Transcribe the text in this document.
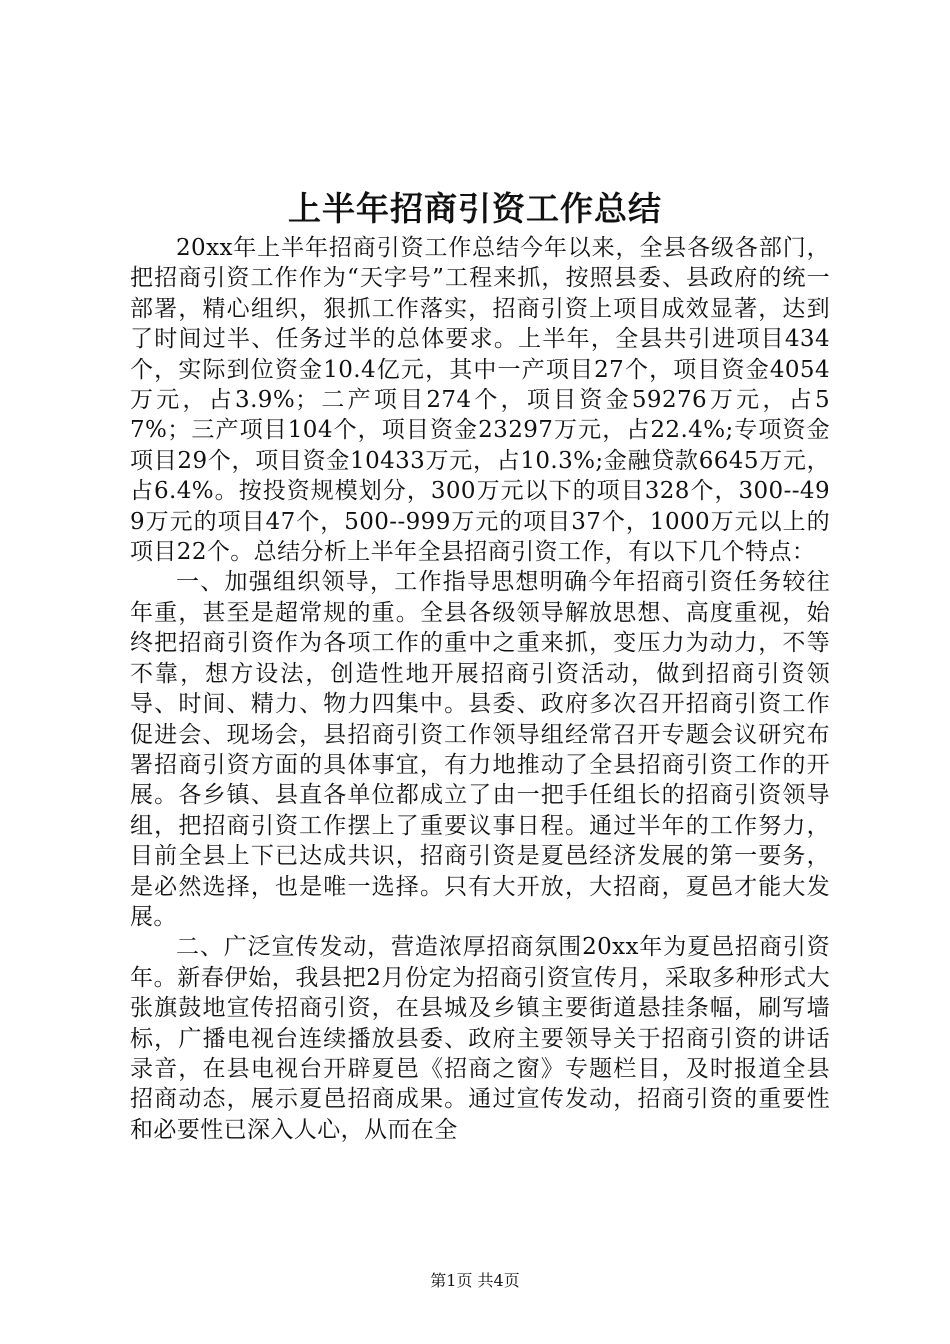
上半年招商引资工作总结

20xx年上半年招商引资工作总结今年以来，全县各级各部门，把招商引资工作作为“天字号”工程来抓，按照县委、县政府的统一部署，精心组织，狠抓工作落实，招商引资上项目成效显著，达到了时间过半、任务过半的总体要求。上半年，全县共引进项目434个，实际到位资金10.4亿元，其中一产项目27个，项目资金4054万元，占3.9%；二产项目274个，项目资金59276万元，占57%；三产项目104个，项目资金23297万元，占22.4%;专项资金项目29个，项目资金10433万元，占10.3%;金融贷款6645万元，占6.4%。按投资规模划分，300万元以下的项目328个，300--499万元的项目47个，500--999万元的项目37个，1000万元以上的项目22个。总结分析上半年全县招商引资工作，有以下几个特点：

一、加强组织领导，工作指导思想明确今年招商引资任务较往年重，甚至是超常规的重。全县各级领导解放思想、高度重视，始终把招商引资作为各项工作的重中之重来抓，变压力为动力，不等不靠，想方设法，创造性地开展招商引资活动，做到招商引资领导、时间、精力、物力四集中。县委、政府多次召开招商引资工作促进会、现场会，县招商引资工作领导组经常召开专题会议研究布署招商引资方面的具体事宜，有力地推动了全县招商引资工作的开展。各乡镇、县直各单位都成立了由一把手任组长的招商引资领导组，把招商引资工作摆上了重要议事日程。通过半年的工作努力，目前全县上下已达成共识，招商引资是夏邑经济发展的第一要务，是必然选择，也是唯一选择。只有大开放，大招商，夏邑才能大发展。

二、广泛宣传发动，营造浓厚招商氛围20xx年为夏邑招商引资年。新春伊始，我县把2月份定为招商引资宣传月，采取多种形式大张旗鼓地宣传招商引资，在县城及乡镇主要街道悬挂条幅，刷写墙标，广播电视台连续播放县委、政府主要领导关于招商引资的讲话录音，在县电视台开辟夏邑《招商之窗》专题栏目，及时报道全县招商动态，展示夏邑招商成果。通过宣传发动，招商引资的重要性和必要性已深入人心，从而在全

第1页 共4页
